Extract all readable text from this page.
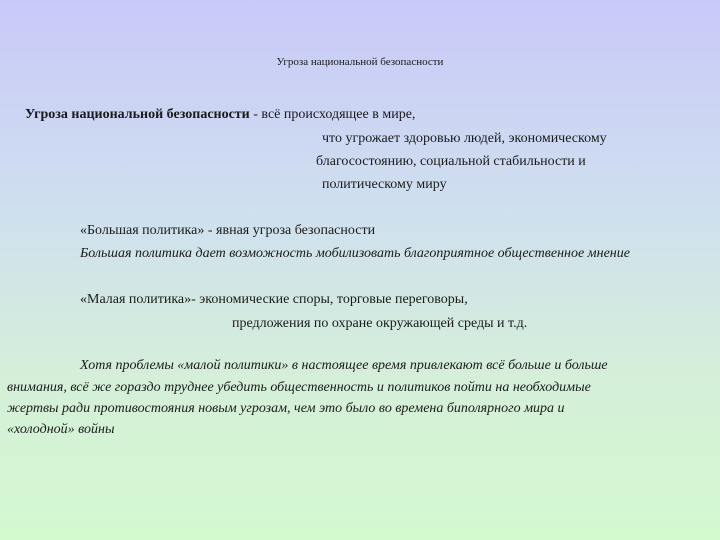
Угроза национальной безопасности
Угроза национальной безопасности - всё происходящее в мире,
что угрожает здоровью людей, экономическому
благосостоянию, социальной стабильности и
политическому миру
«Большая политика» - явная угроза безопасности
Большая политика дает возможность мобилизовать благоприятное общественное мнение
«Малая политика»- экономические споры, торговые переговоры,
предложения по охране окружающей среды и т.д.
Хотя проблемы «малой политики» в настоящее время привлекают всё больше и больше
внимания, всё же гораздо труднее убедить общественность и политиков пойти на необходимые
жертвы ради противостояния новым угрозам, чем это было во времена биполярного мира и
«холодной» войны
